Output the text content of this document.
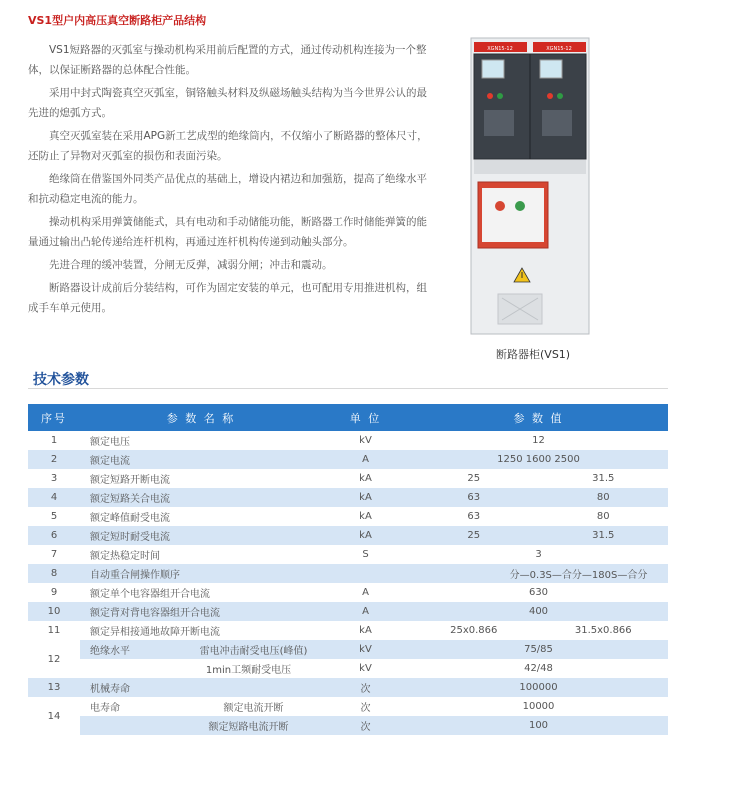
VS1型户内高压真空断路柜产品结构

VS1短路器的灭弧室与操动机构采用前后配置的方式，通过传动机构连接为一个整体，以保证断路器的总体配合性能。

采用中封式陶瓷真空灭弧室，铜铬触头材料及纵磁场触头结构为当今世界公认的最先进的熄弧方式。

真空灭弧室装在采用APG新工艺成型的绝缘筒内，不仅缩小了断路器的整体尺寸，还防止了异物对灭弧室的损伤和表面污染。

绝缘筒在借鉴国外同类产品优点的基础上，增设内裙边和加强筋，提高了绝缘水平和抗动稳定电流的能力。

操动机构采用弹簧储能式，具有电动和手动储能功能，断路器工作时储能弹簧的能量通过输出凸轮传递给连杆机构，再通过连杆机构传递到动触头部分。

先进合理的缓冲装置，分闸无反弹，减弱分闸；冲击和震动。

断路器设计成前后分装结构，可作为固定安装的单元，也可配用专用推进机构，组成手车单元使用。

XGN15-12	XGN15-12
断路器柜(VS1)
技术参数
序号	参 数 名 称	单 位	参 数 值
1	额定电压	kV	12
2	额定电流	A	1250 1600 2500
3	额定短路开断电流	kA	25 31.5

4	额定短路关合电流	kA	63 80

5	额定峰值耐受电流	kA	63 80

6	额定短时耐受电流	kA	25 31.5

7	额定热稳定时间	S	3
8	自动重合闸操作顺序		分—0.3S—合分—180S—合分
9	额定单个电容器组开合电流	A	630
10	额定背对背电容器组开合电流	A	400
11	额定异相接通地故障开断电流	kA	25x0.866 31.5x0.866

12	绝缘水平 雷电冲击耐受电压(峰值)	kV	75/85

	1min工频耐受电压	kV	42/48
13	机械寿命	次	100000
14	电寿命 额定电流开断	次	10000

	额定短路电流开断	次	100
